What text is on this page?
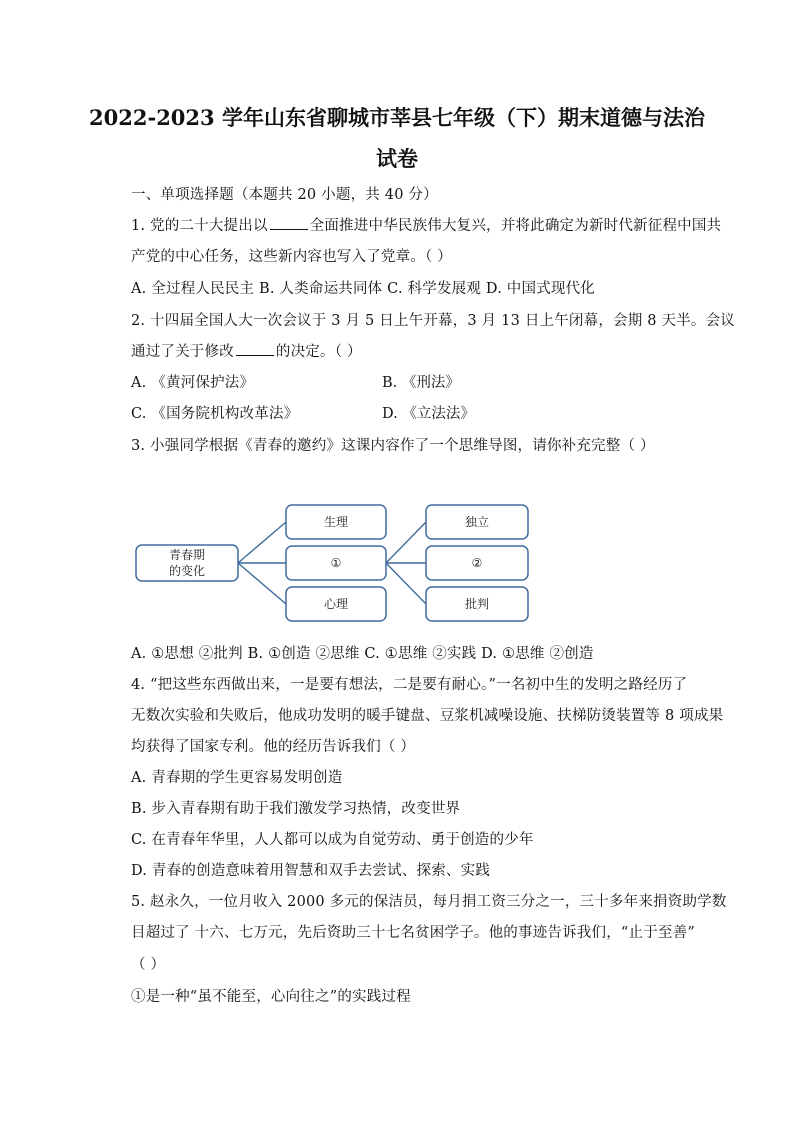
2022-2023 学年山东省聊城市莘县七年级（下）期末道德与法治
试卷
一、单项选择题（本题共 20 小题，共 40 分）
1. 党的二十大提出以	全面推进中华民族伟大复兴，并将此确定为新时代新征程中国共
产党的中心任务，这些新内容也写入了党章。（ ）
A. 全过程人民民主 B. 人类命运共同体 C. 科学发展观 D. 中国式现代化
2. 十四届全国人大一次会议于 3 月 5 日上午开幕，3 月 13 日上午闭幕，会期 8 天半。会议
通过了关于修改	的决定。（ ）
A. 《黄河保护法》	B. 《刑法》
C. 《国务院机构改革法》	D. 《立法法》
3. 小强同学根据《青春的邀约》这课内容作了一个思维导图，请你补充完整（ ）
青春期
的变化
生理
①
心理
独立
②
批判
A. ①思想 ②批判 B. ①创造 ②思维 C. ①思维 ②实践 D. ①思维 ②创造
4. “把这些东西做出来，一是要有想法，二是要有耐心。”一名初中生的发明之路经历了
无数次实验和失败后，他成功发明的暖手键盘、豆浆机减噪设施、扶梯防烫装置等 8 项成果
均获得了国家专利。他的经历告诉我们（ ）
A. 青春期的学生更容易发明创造
B. 步入青春期有助于我们激发学习热情，改变世界
C. 在青春年华里，人人都可以成为自觉劳动、勇于创造的少年
D. 青春的创造意味着用智慧和双手去尝试、探索、实践
5. 赵永久，一位月收入 2000 多元的保洁员，每月捐工资三分之一，三十多年来捐资助学数
目超过了 十六、七万元，先后资助三十七名贫困学子。他的事迹告诉我们，“止于至善”
（ ）
①是一种“虽不能至，心向往之”的实践过程
